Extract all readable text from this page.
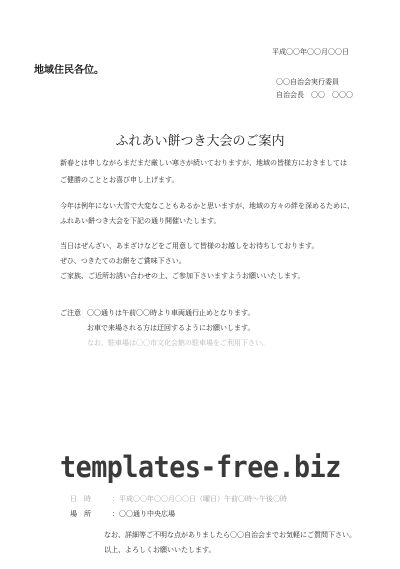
平成〇〇年〇〇月〇〇日
地域住民各位。
〇〇自治会実行委員
自治会長　〇〇　〇〇〇
ふれあい餅つき大会のご案内
新春とは申しながらまだまだ厳しい寒さが続いておりますが、地域の皆様方におきましては
ご健勝のこととお喜び申し上げます。
今年は例年にない大雪で大変なこともあるかと思いますが、地域の方々の絆を深めるために、
ふれあい餅つき大会を下記の通り開催いたします。
当日はぜんざい、あまざけなどをご用意して皆様のお越しをお待ちしております。
ぜひ、つきたてのお餅をご賞味下さい。
ご家族、ご近所お誘い合わせの上、ご参加下さいますようお願いいたします。
ご注意 〇〇通りは午前〇〇時より車両通行止めとなります。
お車で来場される方は迂回するようにお願いします。
なお、駐車場は〇〇市文化会館の駐車場をご利用下さい。
templates-free.biz
日　時	：平成〇〇年〇〇月〇〇日（曜日）午前〇時～午後〇時
場　所	：〇〇通り中央広場
なお、詳細等ご不明な点がありましたら〇〇自治会までお気軽にご質問下さい。
以上、よろしくお願いいたします。
